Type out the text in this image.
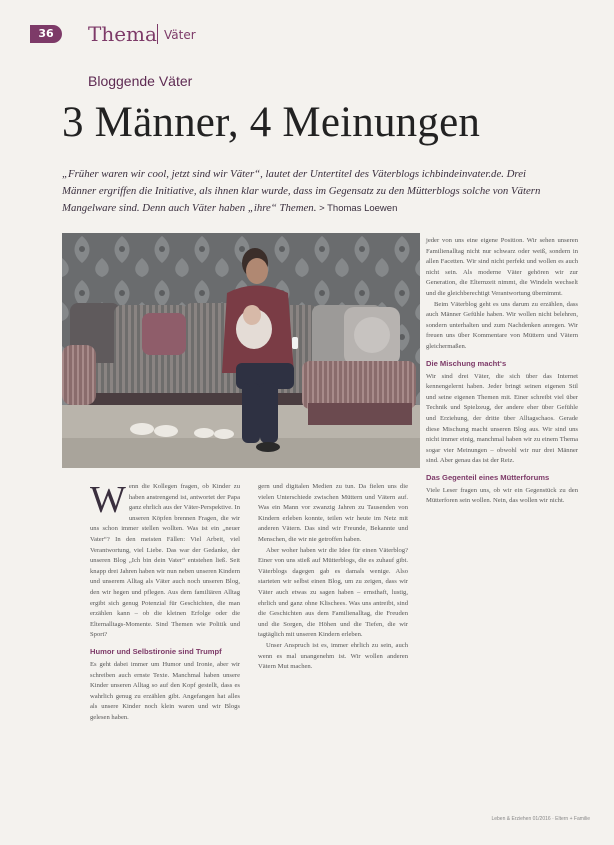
36	Thema Väter
Bloggende Väter
3 Männer, 4 Meinungen
„Früher waren wir cool, jetzt sind wir Väter“, lautet der Untertitel des Väterblogs ichbindeinvater.de. Drei Männer ergriffen die Initiative, als ihnen klar wurde, dass im Gegensatz zu den Mütterblogs solche von Vätern Mangelware sind. Denn auch Väter haben „ihre“ Themen. > Thomas Loewen

Wenn die Kollegen fragen, ob Kinder zu haben anstrengend ist, antwortet der Papa ganz ehrlich aus der Väter-Perspektive. In unseren Köpfen brennen Fragen, die wir uns schon immer stellen wollten. Was ist ein „neuer Vater“? In den meisten Fällen: Viel Arbeit, viel Verantwortung, viel Liebe. Das war der Gedanke, der unseren Blog „Ich bin dein Vater“ entstehen ließ. Seit knapp drei Jahren haben wir nun neben unseren Kindern und unserem Alltag als Väter auch noch unseren Blog, den wir hegen und pflegen. Aus dem familiären Alltag ergibt sich genug Potenzial für Geschichten, die man erzählen kann – ob die kleinen Erfolge oder die Elternalltags-Momente. Sind Themen wie Politik und Sport?

Humor und Selbstironie sind Trumpf

Es geht dabei immer um Humor und Ironie, aber wir schreiben auch ernste Texte. Manchmal haben unsere Kinder unseren Alltag so auf den Kopf gestellt, dass es wahrlich genug zu erzählen gibt. Angefangen hat alles als unsere Kinder noch klein waren und wir Blogs gelesen haben.

gern und digitalen Medien zu tun. Da fielen uns die vielen Unterschiede zwischen Müttern und Vätern auf. Was ein Mann vor zwanzig Jahren zu Tausenden von Kindern erleben konnte, teilen wir heute im Netz mit anderen Vätern. Das sind wir Freunde, Bekannte und Menschen, die wir nie getroffen haben.

Aber woher haben wir die Idee für einen Väterblog? Einer von uns stieß auf Mütterblogs, die es zuhauf gibt. Väterblogs dagegen gab es damals wenige. Also starteten wir selbst einen Blog, um zu zeigen, dass wir Väter auch etwas zu sagen haben – ernsthaft, lustig, ehrlich und ganz ohne Klischees. Was uns antreibt, sind die Geschichten aus dem Familienalltag, die Freuden und die Sorgen, die Höhen und die Tiefen, die wir tagtäglich mit unseren Kindern erleben.

Unser Anspruch ist es, immer ehrlich zu sein, auch wenn es mal unangenehm ist. Wir wollen anderen Vätern Mut machen.

jeder von uns eine eigene Position. Wir sehen unseren Familienalltag nicht nur schwarz oder weiß, sondern in allen Facetten. Wir sind nicht perfekt und wollen es auch nicht sein. Als moderne Väter gehören wir zur Generation, die Elternzeit nimmt, die Windeln wechselt und die gleichberechtigt Verantwortung übernimmt.

Beim Väterblog geht es uns darum zu erzählen, dass auch Männer Gefühle haben. Wir wollen nicht belehren, sondern unterhalten und zum Nachdenken anregen. Wir freuen uns über Kommentare von Müttern und Vätern gleichermaßen.

Die Mischung macht‘s

Wir sind drei Väter, die sich über das Internet kennengelernt haben. Jeder bringt seinen eigenen Stil und seine eigenen Themen mit. Einer schreibt viel über Technik und Spielzeug, der andere eher über Gefühle und Erziehung, der dritte über Alltagschaos. Gerade diese Mischung macht unseren Blog aus. Wir sind uns nicht immer einig, manchmal haben wir zu einem Thema sogar vier Meinungen – obwohl wir nur drei Männer sind. Aber genau das ist der Reiz.

Das Gegenteil eines Mütterforums

Viele Leser fragen uns, ob wir ein Gegenstück zu den Mütterforen sein wollen. Nein, das wollen wir nicht.

Leben & Erziehen 01/2016 · Eltern + Familie
